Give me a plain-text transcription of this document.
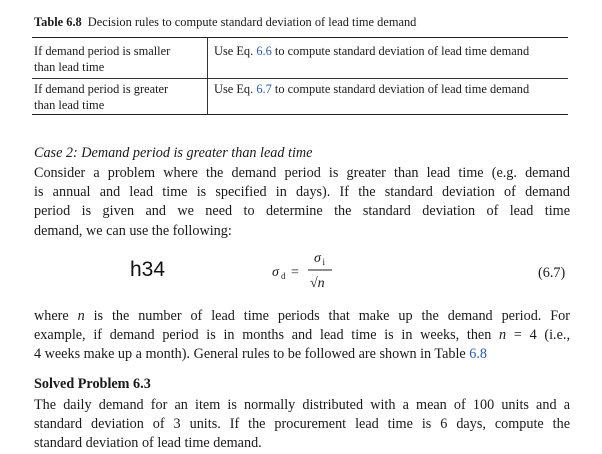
Table 6.8 Decision rules to compute standard deviation of lead time demand
If demand period is smaller
than lead time
Use Eq. 6.6 to compute standard deviation of lead time demand
If demand period is greater
than lead time
Use Eq. 6.7 to compute standard deviation of lead time demand
Case 2: Demand period is greater than lead time
Consider a problem where the demand period is greater than lead time (e.g. demand
is annual and lead time is specified in days). If the standard deviation of demand
period is given and we need to determine the standard deviation of lead time
demand, we can use the following:
h34	σ d =
σ i
√n
(6.7)
where n is the number of lead time periods that make up the demand period. For
example, if demand period is in months and lead time is in weeks, then n = 4 (i.e.,
4 weeks make up a month). General rules to be followed are shown in Table 6.8
Solved Problem 6.3
The daily demand for an item is normally distributed with a mean of 100 units and a
standard deviation of 3 units. If the procurement lead time is 6 days, compute the
standard deviation of lead time demand.
